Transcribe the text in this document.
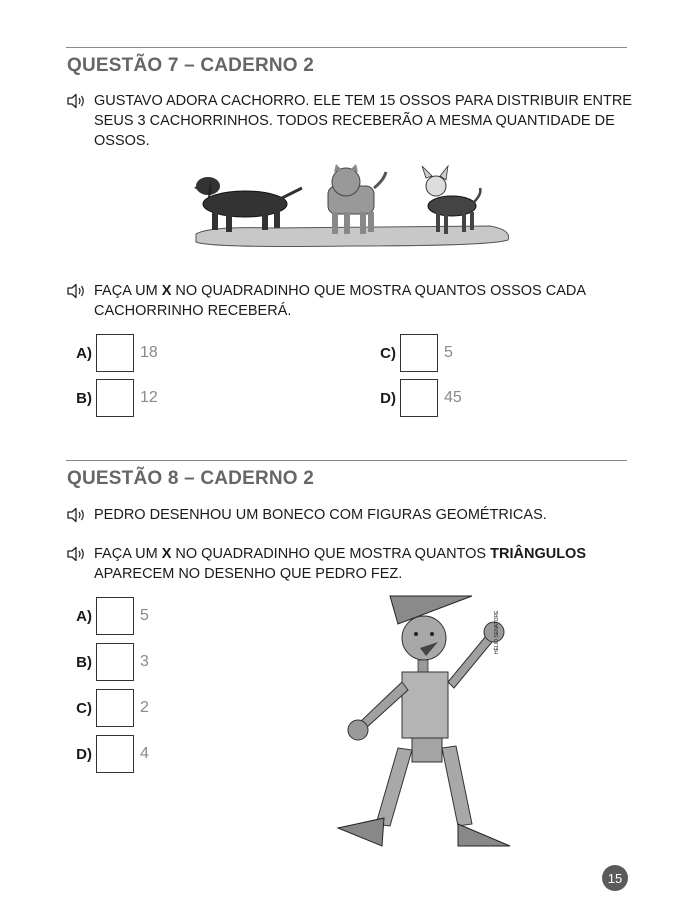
QUESTÃO 7 – CADERNO 2
GUSTAVO ADORA CACHORRO. ELE TEM 15 OSSOS PARA DISTRIBUIR ENTRE SEUS 3 CACHORRINHOS. TODOS RECEBERÃO A MESMA QUANTIDADE DE OSSOS.
FAÇA UM X NO QUADRADINHO QUE MOSTRA QUANTOS OSSOS CADA CACHORRINHO RECEBERÁ.
A)	18
B)	12
C)	5
D)	45
QUESTÃO 8 – CADERNO 2
PEDRO DESENHOU UM BONECO COM FIGURAS GEOMÉTRICAS.
FAÇA UM X NO QUADRADINHO QUE MOSTRA QUANTOS TRIÂNGULOS APARECEM NO DESENHO QUE PEDRO FEZ.
A)	5
B)	3
C)	2
D)	4
HÉLIO SENATORE
15
